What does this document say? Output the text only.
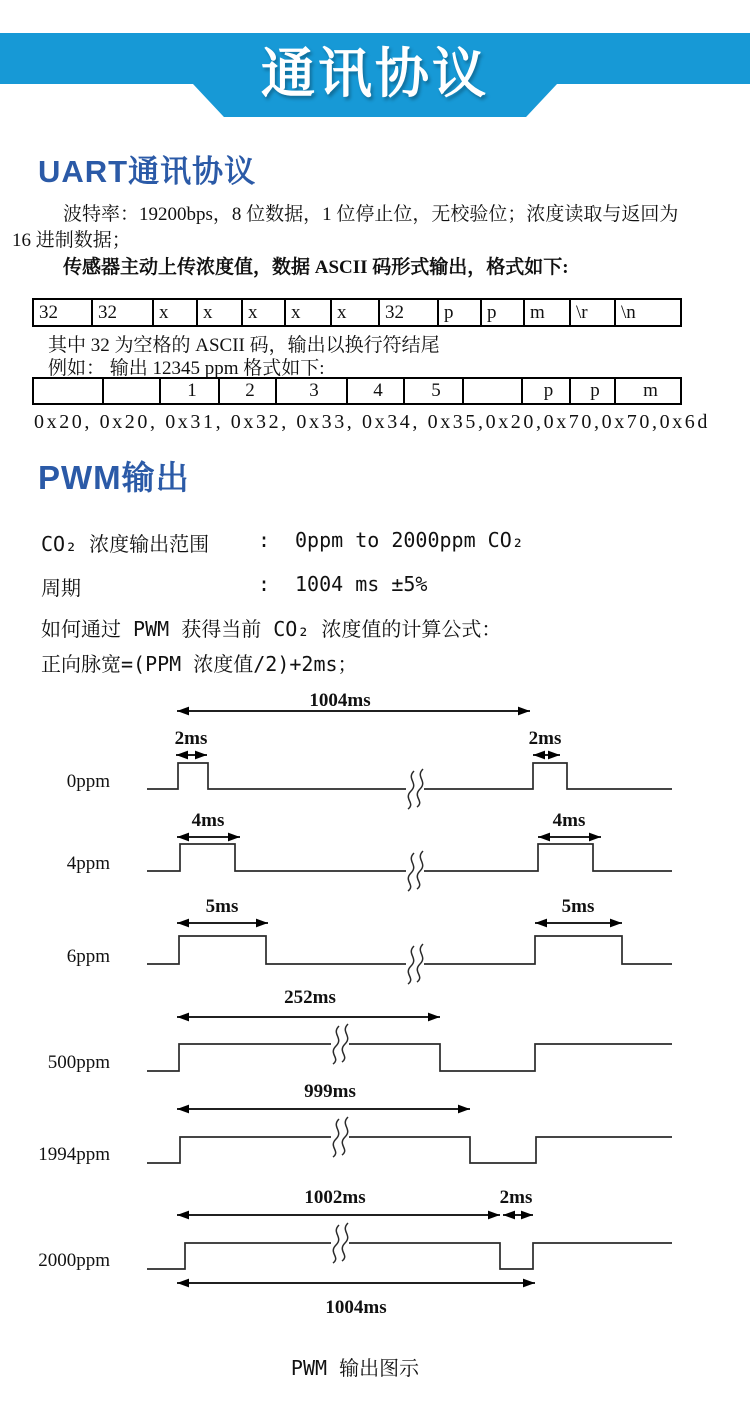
通讯协议
UART通讯协议
波特率：19200bps，8 位数据，1 位停止位，无校验位；浓度读取与返回为
16 进制数据；
传感器主动上传浓度值，数据 ASCII 码形式输出，格式如下:
32	32	x	x	x	x	x	32	p	p	m	\r	\n
其中 32 为空格的 ASCII 码，输出以换行符结尾
例如： 输出 12345 ppm 格式如下:
		1	2	3	4	5		p	p	m
0x20, 0x20, 0x31, 0x32, 0x33, 0x34, 0x35,0x20,0x70,0x70,0x6d
PWM输出
CO₂ 浓度输出范围	:	0ppm to 2000ppm CO₂
周期	:	1004 ms ±5%
如何通过 PWM 获得当前 CO₂ 浓度值的计算公式：
正向脉宽=(PPM 浓度值/2)+2ms；
1004ms
2ms	2ms
0ppm
4ms	4ms
4ppm
5ms	5ms
6ppm
252ms
500ppm
999ms
1994ppm
1002ms	2ms
2000ppm
1004ms
PWM 输出图示
